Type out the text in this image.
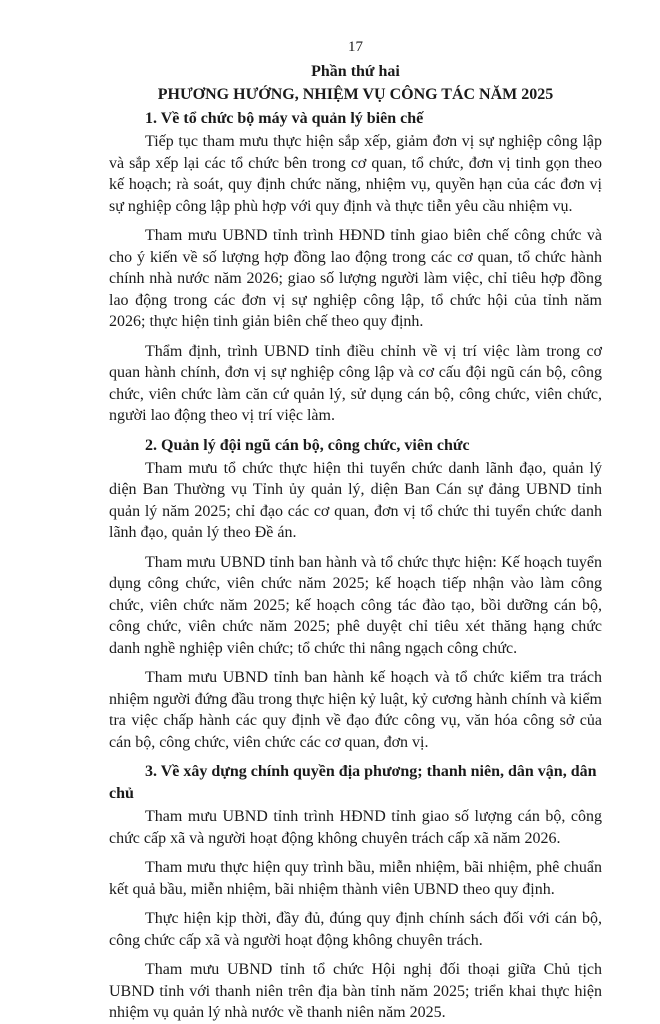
17
Phần thứ hai
PHƯƠNG HƯỚNG, NHIỆM VỤ CÔNG TÁC NĂM 2025
1. Về tổ chức bộ máy và quản lý biên chế

Tiếp tục tham mưu thực hiện sắp xếp, giảm đơn vị sự nghiệp công lập và sắp xếp lại các tổ chức bên trong cơ quan, tổ chức, đơn vị tinh gọn theo kế hoạch; rà soát, quy định chức năng, nhiệm vụ, quyền hạn của các đơn vị sự nghiệp công lập phù hợp với quy định và thực tiễn yêu cầu nhiệm vụ.

Tham mưu UBND tỉnh trình HĐND tỉnh giao biên chế công chức và cho ý kiến về số lượng hợp đồng lao động trong các cơ quan, tổ chức hành chính nhà nước năm 2026; giao số lượng người làm việc, chỉ tiêu hợp đồng lao động trong các đơn vị sự nghiệp công lập, tổ chức hội của tỉnh năm 2026; thực hiện tinh giản biên chế theo quy định.

Thẩm định, trình UBND tỉnh điều chỉnh về vị trí việc làm trong cơ quan hành chính, đơn vị sự nghiệp công lập và cơ cấu đội ngũ cán bộ, công chức, viên chức làm căn cứ quản lý, sử dụng cán bộ, công chức, viên chức, người lao động theo vị trí việc làm.

2. Quản lý đội ngũ cán bộ, công chức, viên chức

Tham mưu tổ chức thực hiện thi tuyển chức danh lãnh đạo, quản lý diện Ban Thường vụ Tỉnh ủy quản lý, diện Ban Cán sự đảng UBND tỉnh quản lý năm 2025; chỉ đạo các cơ quan, đơn vị tổ chức thi tuyển chức danh lãnh đạo, quản lý theo Đề án.

Tham mưu UBND tỉnh ban hành và tổ chức thực hiện: Kế hoạch tuyển dụng công chức, viên chức năm 2025; kế hoạch tiếp nhận vào làm công chức, viên chức năm 2025; kế hoạch công tác đào tạo, bồi dưỡng cán bộ, công chức, viên chức năm 2025; phê duyệt chỉ tiêu xét thăng hạng chức danh nghề nghiệp viên chức; tổ chức thi nâng ngạch công chức.

Tham mưu UBND tỉnh ban hành kế hoạch và tổ chức kiểm tra trách nhiệm người đứng đầu trong thực hiện kỷ luật, kỷ cương hành chính và kiểm tra việc chấp hành các quy định về đạo đức công vụ, văn hóa công sở của cán bộ, công chức, viên chức các cơ quan, đơn vị.

3. Về xây dựng chính quyền địa phương; thanh niên, dân vận, dân chủ

Tham mưu UBND tỉnh trình HĐND tỉnh giao số lượng cán bộ, công chức cấp xã và người hoạt động không chuyên trách cấp xã năm 2026.

Tham mưu thực hiện quy trình bầu, miễn nhiệm, bãi nhiệm, phê chuẩn kết quả bầu, miễn nhiệm, bãi nhiệm thành viên UBND theo quy định.

Thực hiện kịp thời, đầy đủ, đúng quy định chính sách đối với cán bộ, công chức cấp xã và người hoạt động không chuyên trách.

Tham mưu UBND tỉnh tổ chức Hội nghị đối thoại giữa Chủ tịch UBND tỉnh với thanh niên trên địa bàn tỉnh năm 2025; triển khai thực hiện nhiệm vụ quản lý nhà nước về thanh niên năm 2025.
